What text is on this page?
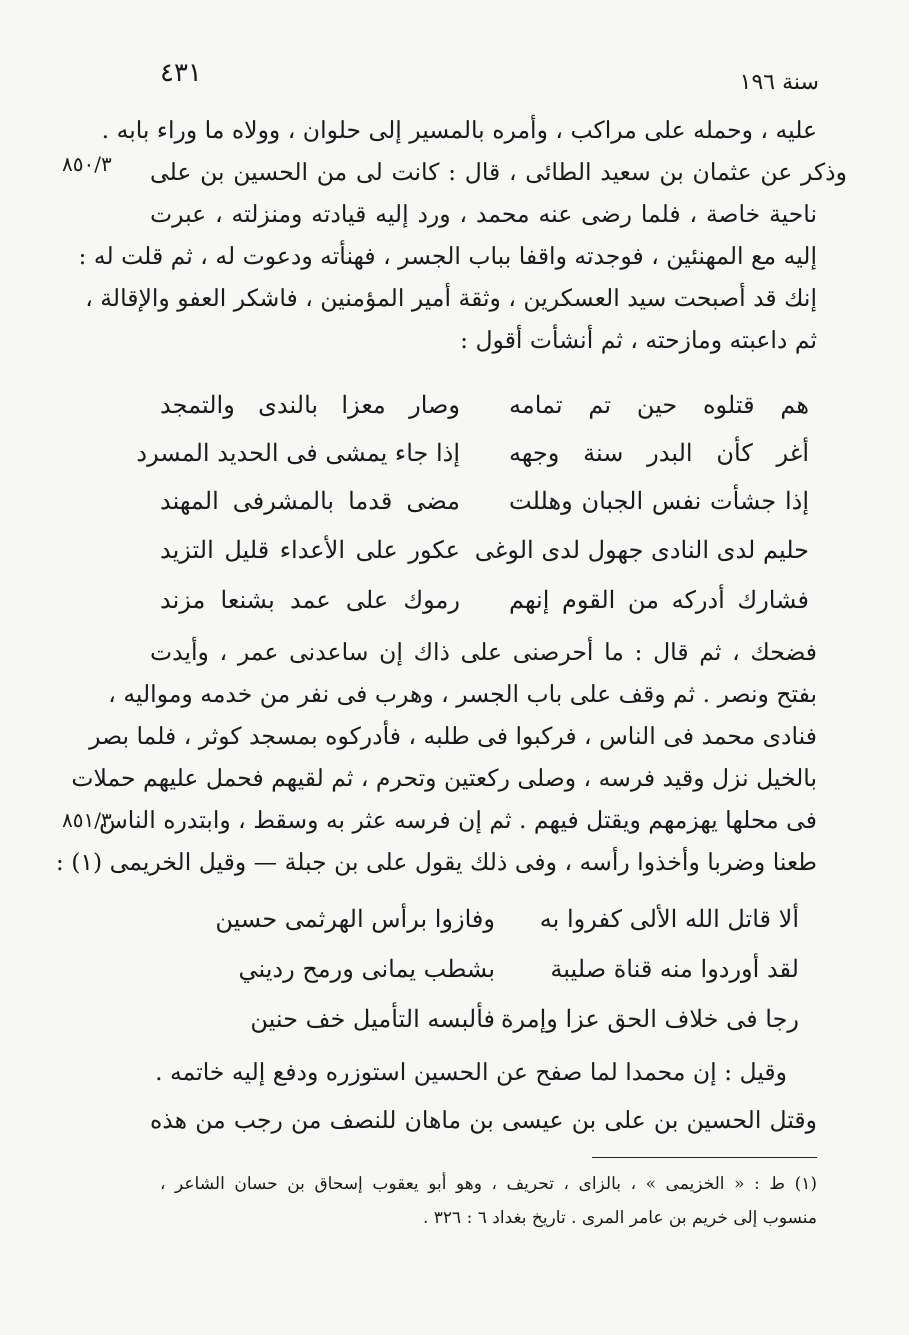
٤٣١	سنة ١٩٦
٨٥٠/٣
٨٥١/٣
عليه ، وحمله على مراكب ، وأمره بالمسير إلى حلوان ، وولاه ما وراء بابه .
وذكر عن عثمان بن سعيد الطائى ، قال : كانت لى من الحسين بن على
ناحية خاصة ، فلما رضى عنه محمد ، ورد إليه قيادته ومنزلته ، عبرت
إليه مع المهنئين ، فوجدته واقفا بباب الجسر ، فهنأته ودعوت له ، ثم قلت له :
إنك قد أصبحت سيد العسكرين ، وثقة أمير المؤمنين ، فاشكر العفو والإقالة ،
ثم داعبته ومازحته ، ثم أنشأت أقول :
هم قتلوه حين تم تمامه
وصار معزا بالندى والتمجد
أغر كأن البدر سنة وجهه
إذا جاء يمشى فى الحديد المسرد
إذا جشأت نفس الجبان وهللت
مضى قدما بالمشرفى المهند
حليم لدى النادى جهول لدى الوغى
عكور على الأعداء قليل التزيد
فشارك أدركه من القوم إنهم
رموك على عمد بشنعا مزند
فضحك ، ثم قال : ما أحرصنى على ذاك إن ساعدنى عمر ، وأيدت
بفتح ونصر . ثم وقف على باب الجسر ، وهرب فى نفر من خدمه ومواليه ،
فنادى محمد فى الناس ، فركبوا فى طلبه ، فأدركوه بمسجد كوثر ، فلما بصر
بالخيل نزل وقيد فرسه ، وصلى ركعتين وتحرم ، ثم لقيهم فحمل عليهم حملات
فى محلها يهزمهم ويقتل فيهم . ثم إن فرسه عثر به وسقط ، وابتدره الناس
طعنا وضربا وأخذوا رأسه ، وفى ذلك يقول على بن جبلة — وقيل الخريمى (١) :
ألا قاتل الله الألى كفروا به
وفازوا برأس الهرثمى حسين
لقد أوردوا منه قناة صليبة
بشطب يمانى ورمح رديني
رجا فى خلاف الحق عزا وإمرة
فألبسه التأميل خف حنين
وقيل : إن محمدا لما صفح عن الحسين استوزره ودفع إليه خاتمه .
وقتل الحسين بن على بن عيسى بن ماهان للنصف من رجب من هذه
(١) ط : « الخزيمى » ، بالزاى ، تحريف ، وهو أبو يعقوب إسحاق بن حسان الشاعر ،
منسوب إلى خريم بن عامر المرى . تاريخ بغداد ٦ : ٣٢٦ .
